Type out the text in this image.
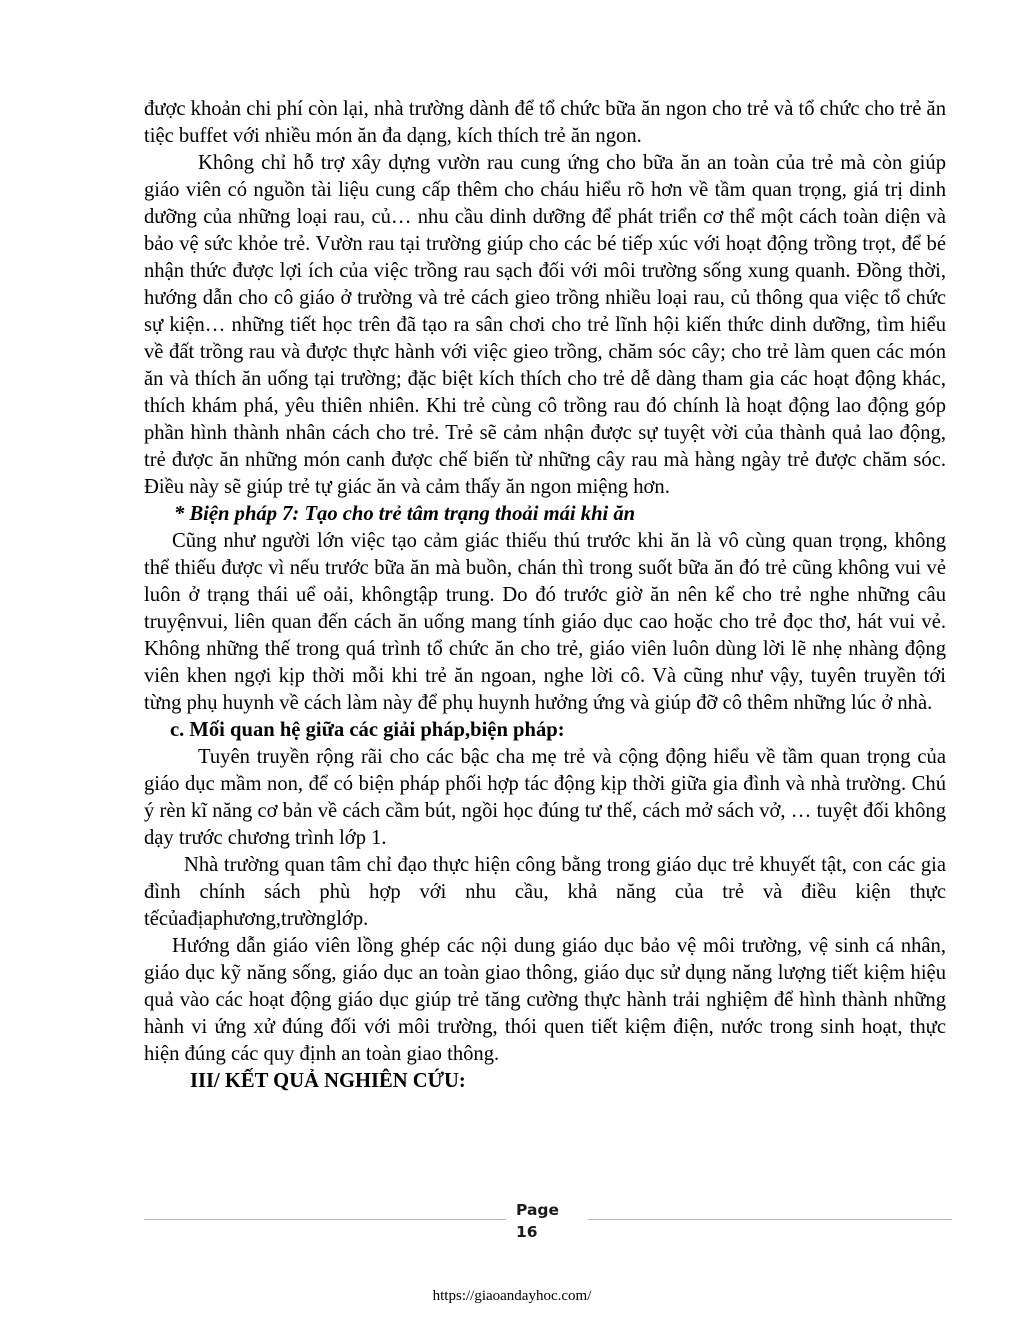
được khoản chi phí còn lại, nhà trường dành để tổ chức bữa ăn ngon cho trẻ và tổ chức cho trẻ ăn tiệc buffet với nhiều món ăn đa dạng, kích thích trẻ ăn ngon.

Không chỉ hỗ trợ xây dựng vườn rau cung ứng cho bữa ăn an toàn của trẻ mà còn giúp giáo viên có nguồn tài liệu cung cấp thêm cho cháu hiểu rõ hơn về tầm quan trọng, giá trị dinh dưỡng của những loại rau, củ… nhu cầu dinh dưỡng để phát triển cơ thể một cách toàn diện và bảo vệ sức khỏe trẻ. Vườn rau tại trường giúp cho các bé tiếp xúc với hoạt động trồng trọt, để bé nhận thức được lợi ích của việc trồng rau sạch đối với môi trường sống xung quanh. Đồng thời, hướng dẫn cho cô giáo ở trường và trẻ cách gieo trồng nhiều loại rau, củ thông qua việc tổ chức sự kiện… những tiết học trên đã tạo ra sân chơi cho trẻ lĩnh hội kiến thức dinh dưỡng, tìm hiểu về đất trồng rau và được thực hành với việc gieo trồng, chăm sóc cây; cho trẻ làm quen các món ăn và thích ăn uống tại trường; đặc biệt kích thích cho trẻ dễ dàng tham gia các hoạt động khác, thích khám phá, yêu thiên nhiên. Khi trẻ cùng cô trồng rau đó chính là hoạt động lao động góp phần hình thành nhân cách cho trẻ. Trẻ sẽ cảm nhận được sự tuyệt vời của thành quả lao động, trẻ được ăn những món canh được chế biến từ những cây rau mà hàng ngày trẻ được chăm sóc. Điều này sẽ giúp trẻ tự giác ăn và cảm thấy ăn ngon miệng hơn.

* Biện pháp 7: Tạo cho trẻ tâm trạng thoải mái khi ăn

Cũng như người lớn việc tạo cảm giác thiếu thú trước khi ăn là vô cùng quan trọng, không thể thiếu được vì nếu trước bữa ăn mà buồn, chán thì trong suốt bữa ăn đó trẻ cũng không vui vẻ luôn ở trạng thái uể oải, khôngtập trung. Do đó trước giờ ăn nên kể cho trẻ nghe những câu truyệnvui, liên quan đến cách ăn uống mang tính giáo dục cao hoặc cho trẻ đọc thơ, hát vui vẻ. Không những thế trong quá trình tổ chức ăn cho trẻ, giáo viên luôn dùng lời lẽ nhẹ nhàng động viên khen ngợi kịp thời mỗi khi trẻ ăn ngoan, nghe lời cô. Và cũng như vậy, tuyên truyền tới từng phụ huynh về cách làm này để phụ huynh hưởng ứng và giúp đỡ cô thêm những lúc ở nhà.

c. Mối quan hệ giữa các giải pháp,biện pháp:

Tuyên truyền rộng rãi cho các bậc cha mẹ trẻ và cộng động hiểu về tầm quan trọng của giáo dục mầm non, để có biện pháp phối hợp tác động kịp thời giữa gia đình và nhà trường. Chú ý rèn kĩ năng cơ bản về cách cầm bút, ngồi học đúng tư thế, cách mở sách vở, … tuyệt đối không dạy trước chương trình lớp 1.

Nhà trường quan tâm chỉ đạo thực hiện công bằng trong giáo dục trẻ khuyết tật, con các gia đình chính sách phù hợp với nhu cầu, khả năng của trẻ và điều kiện thực tếcủađịaphương,trườnglớp.

Hướng dẫn giáo viên lồng ghép các nội dung giáo dục bảo vệ môi trường, vệ sinh cá nhân, giáo dục kỹ năng sống, giáo dục an toàn giao thông, giáo dục sử dụng năng lượng tiết kiệm hiệu quả vào các hoạt động giáo dục giúp trẻ tăng cường thực hành trải nghiệm để hình thành những hành vi ứng xử đúng đối với môi trường, thói quen tiết kiệm điện, nước trong sinh hoạt, thực hiện đúng các quy định an toàn giao thông.

III/ KẾT QUẢ NGHIÊN CỨU:

Page
16
https://giaoandayhoc.com/
